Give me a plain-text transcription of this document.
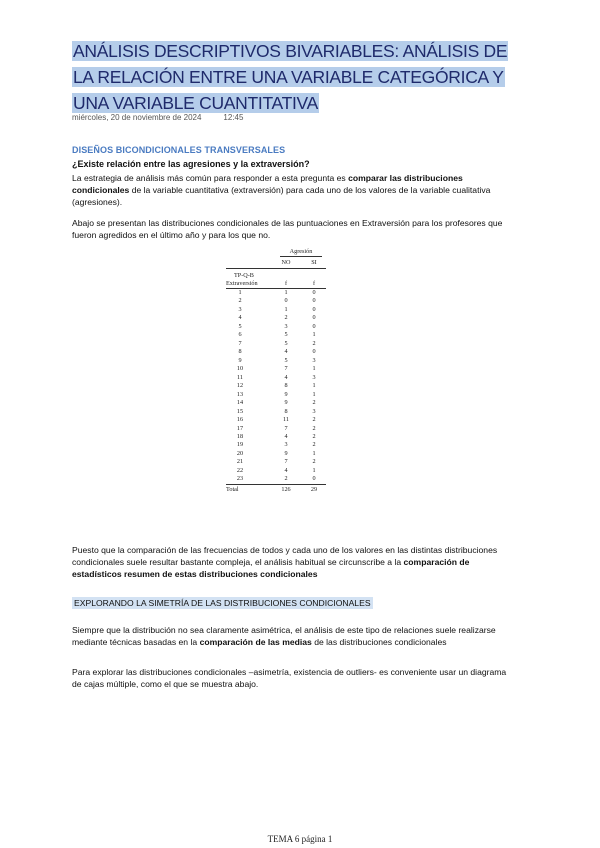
ANÁLISIS DESCRIPTIVOS BIVARIABLES: ANÁLISIS DE LA RELACIÓN ENTRE UNA VARIABLE CATEGÓRICA Y UNA VARIABLE CUANTITATIVA
miércoles, 20 de noviembre de 2024	12:45
DISEÑOS BICONDICIONALES TRANSVERSALES
¿Existe relación entre las agresiones y la extraversión?
La estrategia de análisis más común para responder a esta pregunta es comparar las distribuciones condicionales de la variable cuantitativa (extraversión) para cada uno de los valores de la variable cualitativa (agresiones).
Abajo se presentan las distribuciones condicionales de las puntuaciones en Extraversión para los profesores que fueron agredidos en el último año y para los que no.
Agresión
NO	SI
TP-Q-B
Extraversión	f	f
1	1	0
2	0	0
3	1	0
4	2	0
5	3	0
6	5	1
7	5	2
8	4	0
9	5	3
10	7	1
11	4	3
12	8	1
13	9	1
14	9	2
15	8	3
16	11	2
17	7	2
18	4	2
19	3	2
20	9	1
21	7	2
22	4	1
23	2	0
Total	126	29
Puesto que la comparación de las frecuencias de todos y cada uno de los valores en las distintas distribuciones condicionales suele resultar bastante compleja, el análisis habitual se circunscribe a la comparación de estadísticos resumen de estas distribuciones condicionales
EXPLORANDO LA SIMETRÍA DE LAS DISTRIBUCIONES CONDICIONALES
Siempre que la distribución no sea claramente asimétrica, el análisis de este tipo de relaciones suele realizarse mediante técnicas basadas en la comparación de las medias de las distribuciones condicionales
Para explorar las distribuciones condicionales –asimetría, existencia de outliers- es conveniente usar un diagrama de cajas múltiple, como el que se muestra abajo.
TEMA 6 página 1
